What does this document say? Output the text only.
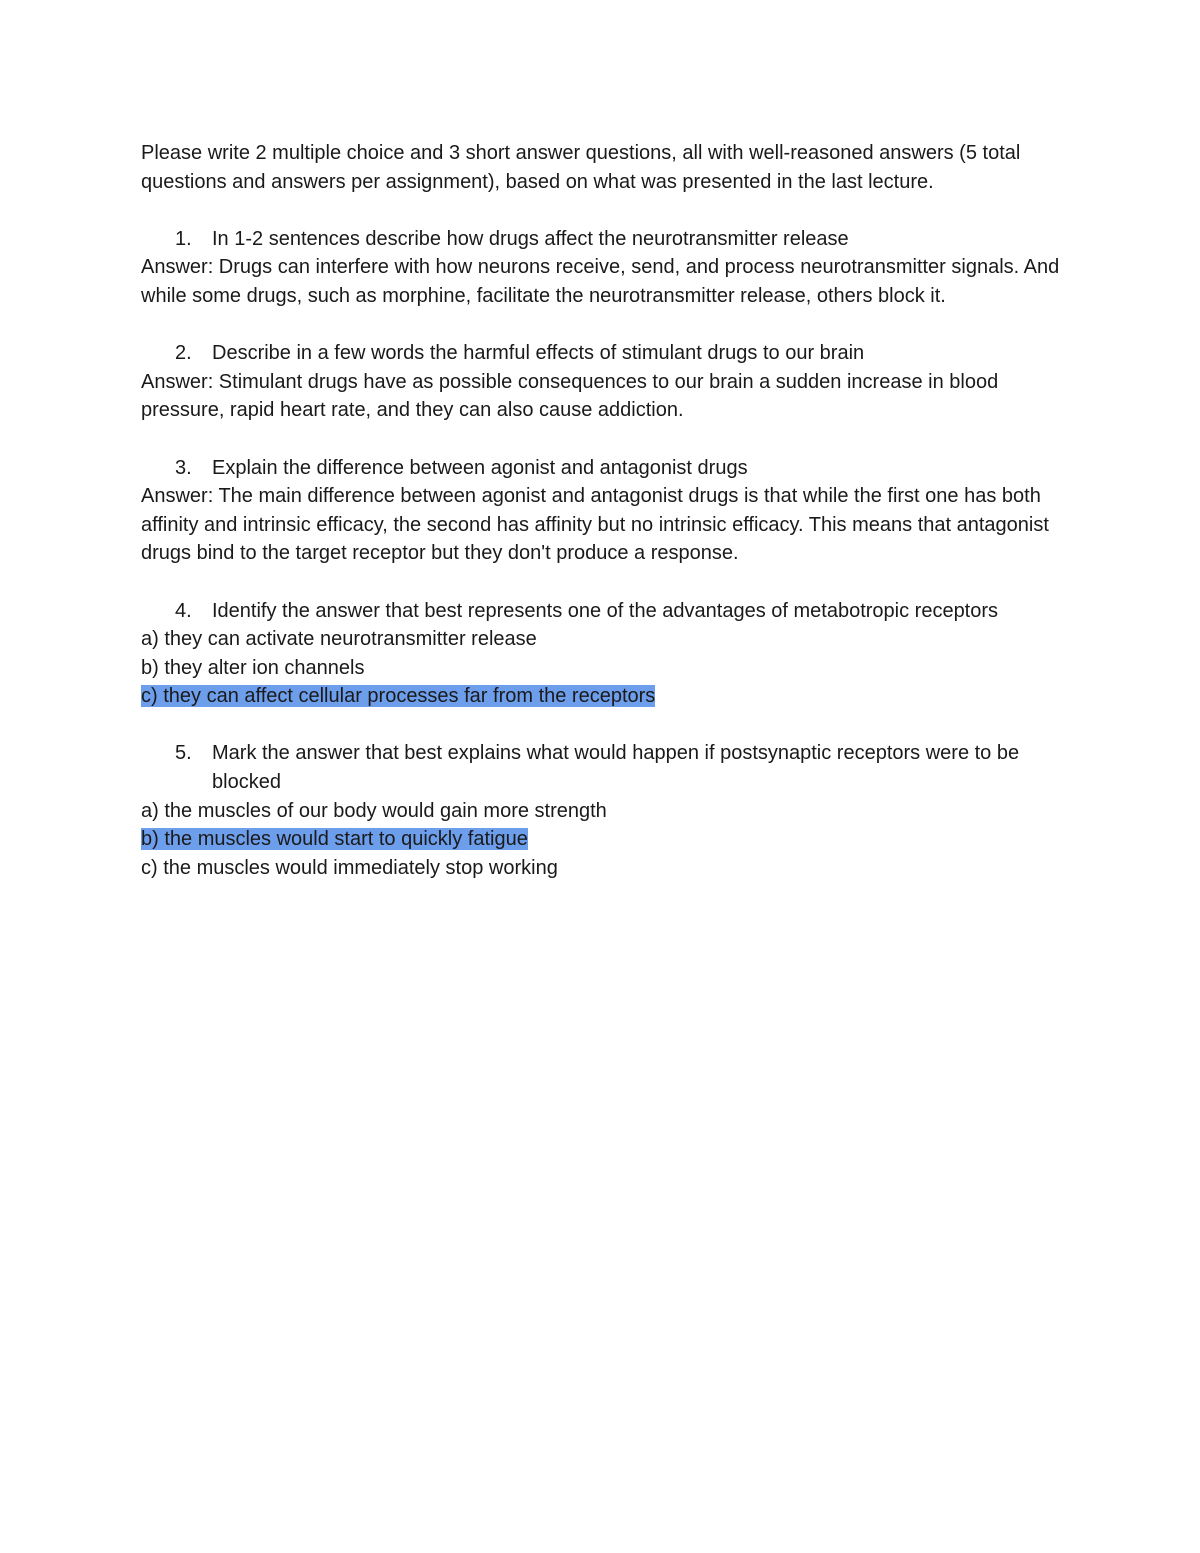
Please write 2 multiple choice and 3 short answer questions, all with well-reasoned answers (5 total questions and answers per assignment), based on what was presented in the last lecture.

1.	In 1-2 sentences describe how drugs affect the neurotransmitter release
Answer: Drugs can interfere with how neurons receive, send, and process neurotransmitter signals. And while some drugs, such as morphine, facilitate the neurotransmitter release, others block it.
2.	Describe in a few words the harmful effects of stimulant drugs to our brain
Answer: Stimulant drugs have as possible consequences to our brain a sudden increase in blood pressure, rapid heart rate, and they can also cause addiction.
3.	Explain the difference between agonist and antagonist drugs
Answer: The main difference between agonist and antagonist drugs is that while the first one has both affinity and intrinsic efficacy, the second has affinity but no intrinsic efficacy. This means that antagonist drugs bind to the target receptor but they don't produce a response.
4.	Identify the answer that best represents one of the advantages of metabotropic receptors
a) they can activate neurotransmitter release
b) they alter ion channels
c) they can affect cellular processes far from the receptors
5.	Mark the answer that best explains what would happen if postsynaptic receptors were to be blocked
a) the muscles of our body would gain more strength
b) the muscles would start to quickly fatigue
c) the muscles would immediately stop working
